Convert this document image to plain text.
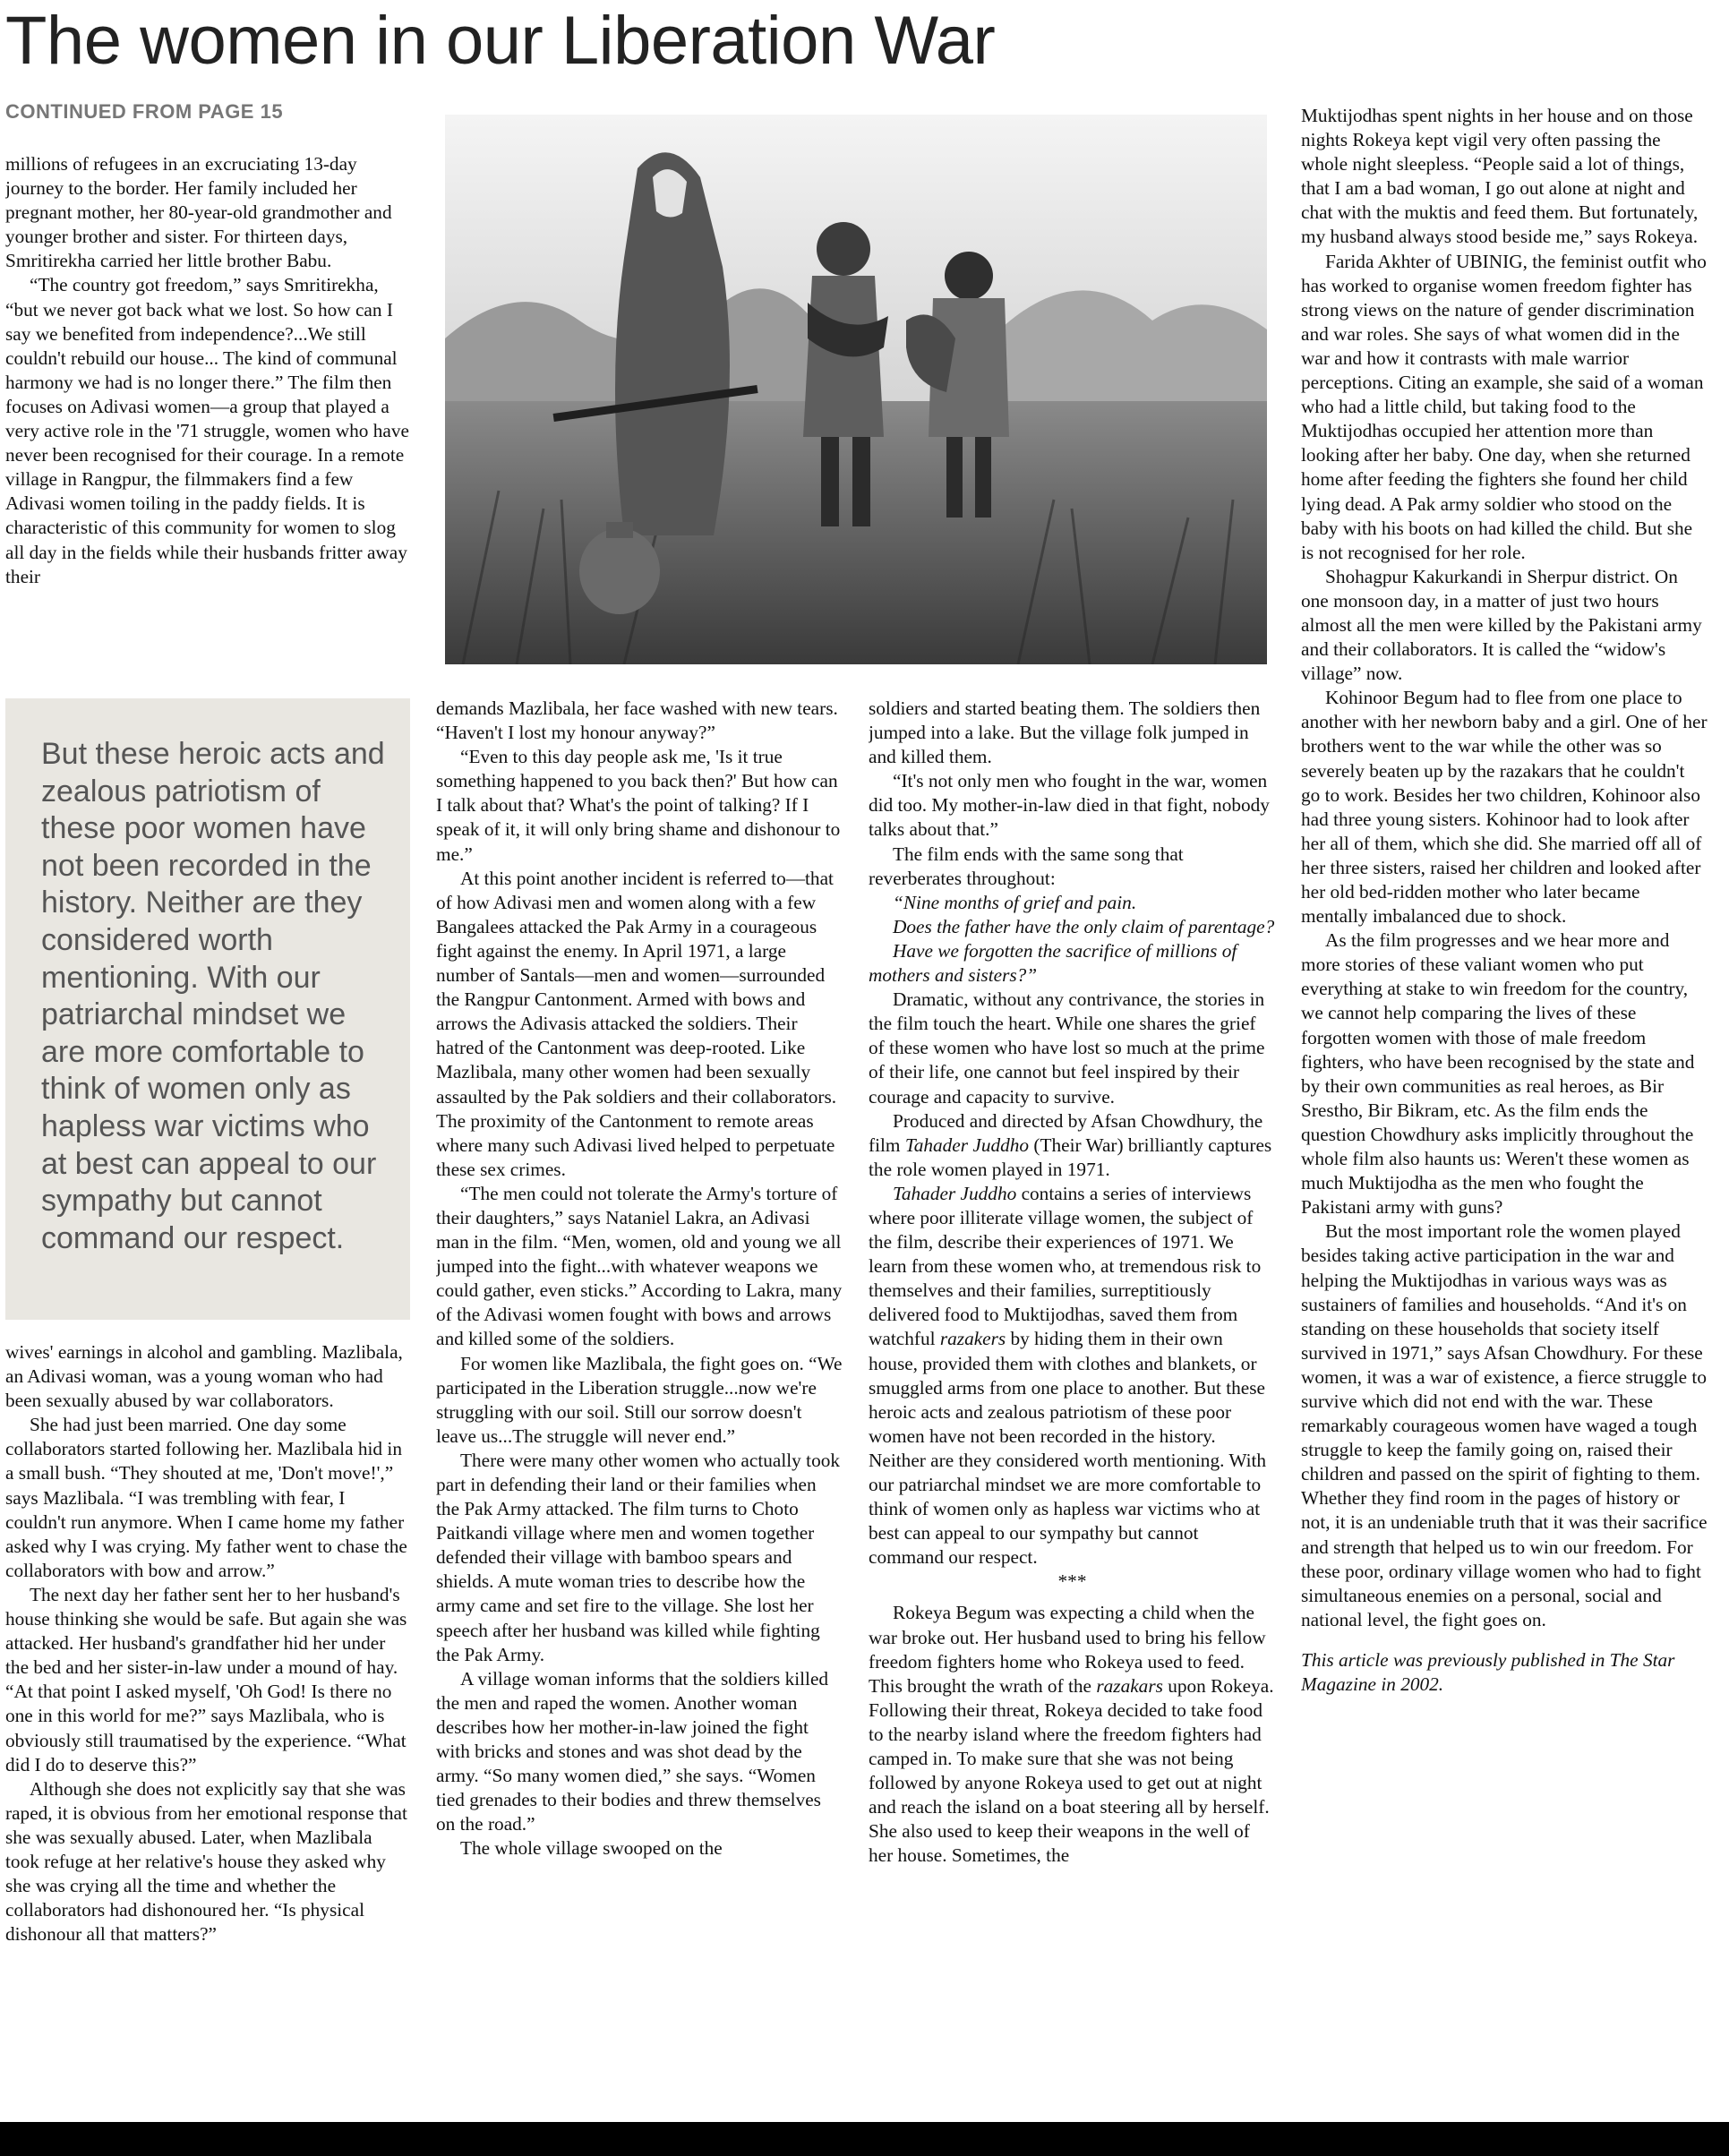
The women in our Liberation War
CONTINUED FROM PAGE 15

millions of refugees in an excruciating 13-day journey to the border. Her family included her pregnant mother, her 80-year-old grandmother and younger brother and sister. For thirteen days, Smritirekha carried her little brother Babu.

“The country got freedom,” says Smritirekha, “but we never got back what we lost. So how can I say we benefited from independence?...We still couldn't rebuild our house... The kind of communal harmony we had is no longer there.” The film then focuses on Adivasi women—a group that played a very active role in the '71 struggle, women who have never been recognised for their courage. In a remote village in Rangpur, the filmmakers find a few Adivasi women toiling in the paddy fields. It is characteristic of this community for women to slog all day in the fields while their husbands fritter away their

But these heroic acts and zealous patriotism of these poor women have not been recorded in the history. Neither are they considered worth mentioning. With our patriarchal mindset we are more comfortable to think of women only as hapless war victims who at best can appeal to our sympathy but cannot command our respect.

wives' earnings in alcohol and gambling. Mazlibala, an Adivasi woman, was a young woman who had been sexually abused by war collaborators.

She had just been married. One day some collaborators started following her. Mazlibala hid in a small bush. “They shouted at me, 'Don't move!',” says Mazlibala. “I was trembling with fear, I couldn't run anymore. When I came home my father asked why I was crying. My father went to chase the collaborators with bow and arrow.”

The next day her father sent her to her husband's house thinking she would be safe. But again she was attacked. Her husband's grandfather hid her under the bed and her sister-in-law under a mound of hay. “At that point I asked myself, 'Oh God! Is there no one in this world for me?” says Mazlibala, who is obviously still traumatised by the experience. “What did I do to deserve this?”

Although she does not explicitly say that she was raped, it is obvious from her emotional response that she was sexually abused. Later, when Mazlibala took refuge at her relative's house they asked why she was crying all the time and whether the collaborators had dishonoured her. “Is physical dishonour all that matters?”

demands Mazlibala, her face washed with new tears. “Haven't I lost my honour anyway?”

“Even to this day people ask me, 'Is it true something happened to you back then?' But how can I talk about that? What's the point of talking? If I speak of it, it will only bring shame and dishonour to me.”

At this point another incident is referred to—that of how Adivasi men and women along with a few Bangalees attacked the Pak Army in a courageous fight against the enemy. In April 1971, a large number of Santals—men and women—surrounded the Rangpur Cantonment. Armed with bows and arrows the Adivasis attacked the soldiers. Their hatred of the Cantonment was deep-rooted. Like Mazlibala, many other women had been sexually assaulted by the Pak soldiers and their collaborators. The proximity of the Cantonment to remote areas where many such Adivasi lived helped to perpetuate these sex crimes.

“The men could not tolerate the Army's torture of their daughters,” says Nataniel Lakra, an Adivasi man in the film. “Men, women, old and young we all jumped into the fight...with whatever weapons we could gather, even sticks.” According to Lakra, many of the Adivasi women fought with bows and arrows and killed some of the soldiers.

For women like Mazlibala, the fight goes on. “We participated in the Liberation struggle...now we're struggling with our soil. Still our sorrow doesn't leave us...The struggle will never end.”

There were many other women who actually took part in defending their land or their families when the Pak Army attacked. The film turns to Choto Paitkandi village where men and women together defended their village with bamboo spears and shields. A mute woman tries to describe how the army came and set fire to the village. She lost her speech after her husband was killed while fighting the Pak Army.

A village woman informs that the soldiers killed the men and raped the women. Another woman describes how her mother-in-law joined the fight with bricks and stones and was shot dead by the army. “So many women died,” she says. “Women tied grenades to their bodies and threw themselves on the road.”

The whole village swooped on the

soldiers and started beating them. The soldiers then jumped into a lake. But the village folk jumped in and killed them.

“It's not only men who fought in the war, women did too. My mother-in-law died in that fight, nobody talks about that.”

The film ends with the same song that reverberates throughout:

“Nine months of grief and pain.

Does the father have the only claim of parentage?

Have we forgotten the sacrifice of millions of mothers and sisters?”

Dramatic, without any contrivance, the stories in the film touch the heart. While one shares the grief of these women who have lost so much at the prime of their life, one cannot but feel inspired by their courage and capacity to survive.

Produced and directed by Afsan Chowdhury, the film Tahader Juddho (Their War) brilliantly captures the role women played in 1971.

Tahader Juddho contains a series of interviews where poor illiterate village women, the subject of the film, describe their experiences of 1971. We learn from these women who, at tremendous risk to themselves and their families, surreptitiously delivered food to Muktijodhas, saved them from watchful razakers by hiding them in their own house, provided them with clothes and blankets, or smuggled arms from one place to another. But these heroic acts and zealous patriotism of these poor women have not been recorded in the history. Neither are they considered worth mentioning. With our patriarchal mindset we are more comfortable to think of women only as hapless war victims who at best can appeal to our sympathy but cannot command our respect.

***

Rokeya Begum was expecting a child when the war broke out. Her husband used to bring his fellow freedom fighters home who Rokeya used to feed. This brought the wrath of the razakars upon Rokeya. Following their threat, Rokeya decided to take food to the nearby island where the freedom fighters had camped in. To make sure that she was not being followed by anyone Rokeya used to get out at night and reach the island on a boat steering all by herself. She also used to keep their weapons in the well of her house. Sometimes, the

Muktijodhas spent nights in her house and on those nights Rokeya kept vigil very often passing the whole night sleepless. “People said a lot of things, that I am a bad woman, I go out alone at night and chat with the muktis and feed them. But fortunately, my husband always stood beside me,” says Rokeya.

Farida Akhter of UBINIG, the feminist outfit who has worked to organise women freedom fighter has strong views on the nature of gender discrimination and war roles. She says of what women did in the war and how it contrasts with male warrior perceptions. Citing an example, she said of a woman who had a little child, but taking food to the Muktijodhas occupied her attention more than looking after her baby. One day, when she returned home after feeding the fighters she found her child lying dead. A Pak army soldier who stood on the baby with his boots on had killed the child. But she is not recognised for her role.

Shohagpur Kakurkandi in Sherpur district. On one monsoon day, in a matter of just two hours almost all the men were killed by the Pakistani army and their collaborators. It is called the “widow's village” now.

Kohinoor Begum had to flee from one place to another with her newborn baby and a girl. One of her brothers went to the war while the other was so severely beaten up by the razakars that he couldn't go to work. Besides her two children, Kohinoor also had three young sisters. Kohinoor had to look after her all of them, which she did. She married off all of her three sisters, raised her children and looked after her old bed-ridden mother who later became mentally imbalanced due to shock.

As the film progresses and we hear more and more stories of these valiant women who put everything at stake to win freedom for the country, we cannot help comparing the lives of these forgotten women with those of male freedom fighters, who have been recognised by the state and by their own communities as real heroes, as Bir Srestho, Bir Bikram, etc. As the film ends the question Chowdhury asks implicitly throughout the whole film also haunts us: Weren't these women as much Muktijodha as the men who fought the Pakistani army with guns?

But the most important role the women played besides taking active participation in the war and helping the Muktijodhas in various ways was as sustainers of families and households. “And it's on standing on these households that society itself survived in 1971,” says Afsan Chowdhury. For these women, it was a war of existence, a fierce struggle to survive which did not end with the war. These remarkably courageous women have waged a tough struggle to keep the family going on, raised their children and passed on the spirit of fighting to them. Whether they find room in the pages of history or not, it is an undeniable truth that it was their sacrifice and strength that helped us to win our freedom. For these poor, ordinary village women who had to fight simultaneous enemies on a personal, social and national level, the fight goes on.

This article was previously published in The Star Magazine in 2002.
